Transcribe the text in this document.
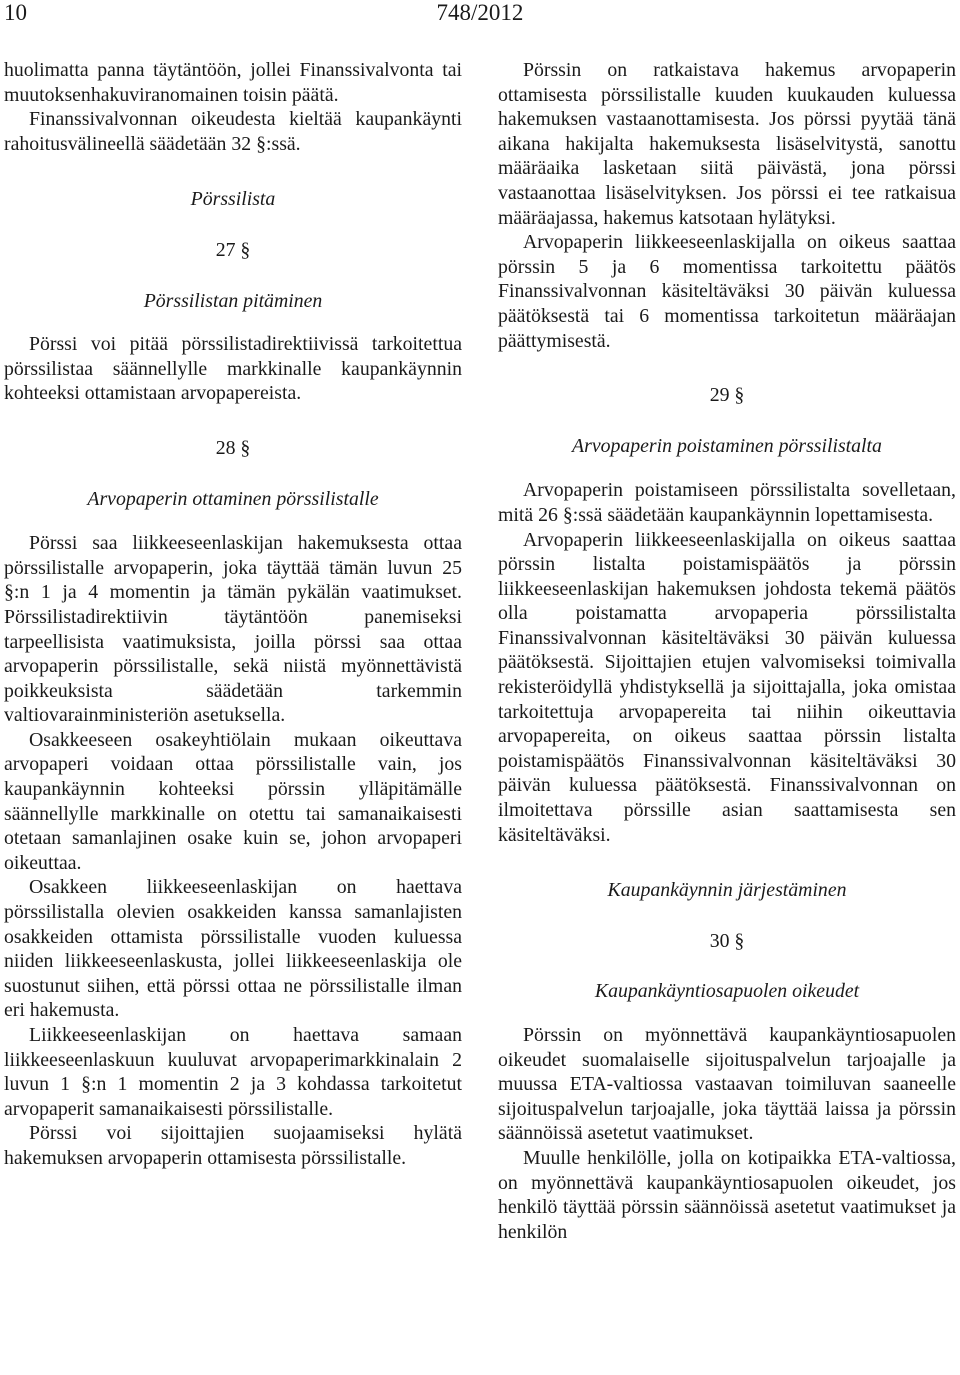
748/2012
10

huolimatta panna täytäntöön, jollei Finanssivalvonta tai muutoksenhakuviranomainen toisin päätä.

Finanssivalvonnan oikeudesta kieltää kaupankäynti rahoitusvälineellä säädetään 32 §:ssä.

Pörssilista
27 §
Pörssilistan pitäminen

Pörssi voi pitää pörssilistadirektiivissä tarkoitettua pörssilistaa säännellylle markkinalle kaupankäynnin kohteeksi ottamistaan arvopapereista.

28 §
Arvopaperin ottaminen pörssilistalle

Pörssi saa liikkeeseenlaskijan hakemuksesta ottaa pörssilistalle arvopaperin, joka täyttää tämän luvun 25 §:n 1 ja 4 momentin ja tämän pykälän vaatimukset. Pörssilistadirektiivin täytäntöön panemiseksi tarpeellisista vaatimuksista, joilla pörssi saa ottaa arvopaperin pörssilistalle, sekä niistä myönnettävistä poikkeuksista säädetään tarkemmin valtiovarainministeriön asetuksella.

Osakkeeseen osakeyhtiölain mukaan oikeuttava arvopaperi voidaan ottaa pörssilistalle vain, jos kaupankäynnin kohteeksi pörssin ylläpitämälle säännellylle markkinalle on otettu tai samanaikaisesti otetaan samanlajinen osake kuin se, johon arvopaperi oikeuttaa.

Osakkeen liikkeeseenlaskijan on haettava pörssilistalla olevien osakkeiden kanssa samanlajisten osakkeiden ottamista pörssilistalle vuoden kuluessa niiden liikkeeseenlaskusta, jollei liikkeeseenlaskija ole suostunut siihen, että pörssi ottaa ne pörssilistalle ilman eri hakemusta.

Liikkeeseenlaskijan on haettava samaan liikkeeseenlaskuun kuuluvat arvopaperimarkkinalain 2 luvun 1 §:n 1 momentin 2 ja 3 kohdassa tarkoitetut arvopaperit samanaikaisesti pörssilistalle.

Pörssi voi sijoittajien suojaamiseksi hylätä hakemuksen arvopaperin ottamisesta pörssilistalle.

Pörssin on ratkaistava hakemus arvopaperin ottamisesta pörssilistalle kuuden kuukauden kuluessa hakemuksen vastaanottamisesta. Jos pörssi pyytää tänä aikana hakijalta hakemuksesta lisäselvitystä, sanottu määräaika lasketaan siitä päivästä, jona pörssi vastaanottaa lisäselvityksen. Jos pörssi ei tee ratkaisua määräajassa, hakemus katsotaan hylätyksi.

Arvopaperin liikkeeseenlaskijalla on oikeus saattaa pörssin 5 ja 6 momentissa tarkoitettu päätös Finanssivalvonnan käsiteltäväksi 30 päivän kuluessa päätöksestä tai 6 momentissa tarkoitetun määräajan päättymisestä.

29 §
Arvopaperin poistaminen pörssilistalta

Arvopaperin poistamiseen pörssilistalta sovelletaan, mitä 26 §:ssä säädetään kaupankäynnin lopettamisesta.

Arvopaperin liikkeeseenlaskijalla on oikeus saattaa pörssin listalta poistamispäätös ja pörssin liikkeeseenlaskijan hakemuksen johdosta tekemä päätös olla poistamatta arvopaperia pörssilistalta Finanssivalvonnan käsiteltäväksi 30 päivän kuluessa päätöksestä. Sijoittajien etujen valvomiseksi toimivalla rekisteröidyllä yhdistyksellä ja sijoittajalla, joka omistaa tarkoitettuja arvopapereita tai niihin oikeuttavia arvopapereita, on oikeus saattaa pörssin listalta poistamispäätös Finanssivalvonnan käsiteltäväksi 30 päivän kuluessa päätöksestä. Finanssivalvonnan on ilmoitettava pörssille asian saattamisesta sen käsiteltäväksi.

Kaupankäynnin järjestäminen
30 §
Kaupankäyntiosapuolen oikeudet

Pörssin on myönnettävä kaupankäyntiosapuolen oikeudet suomalaiselle sijoituspalvelun tarjoajalle ja muussa ETA-valtiossa vastaavan toimiluvan saaneelle sijoituspalvelun tarjoajalle, joka täyttää laissa ja pörssin säännöissä asetetut vaatimukset.

Muulle henkilölle, jolla on kotipaikka ETA-valtiossa, on myönnettävä kaupankäyntiosapuolen oikeudet, jos henkilö täyttää pörssin säännöissä asetetut vaatimukset ja henkilön
